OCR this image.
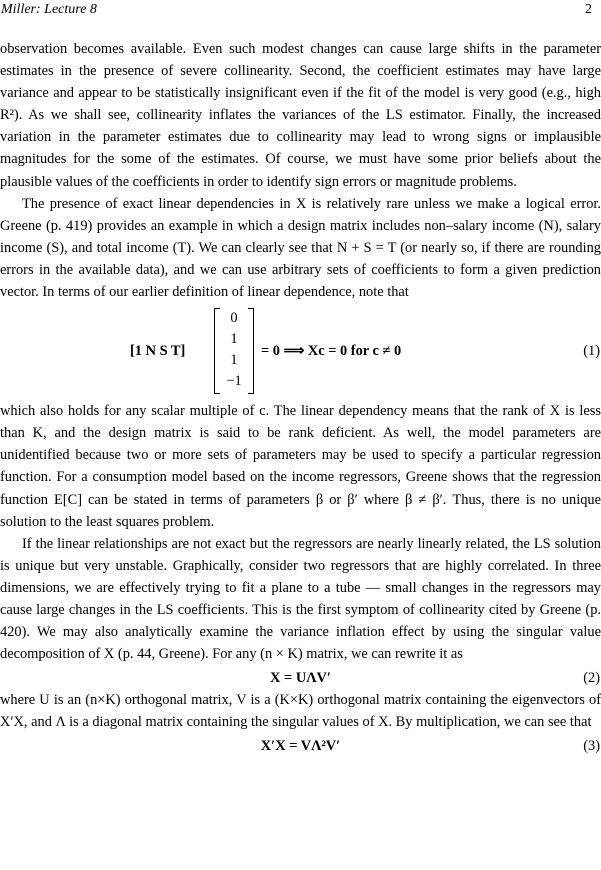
Miller: Lecture 8	2

observation becomes available. Even such modest changes can cause large shifts in the parameter estimates in the presence of severe collinearity. Second, the coefficient estimates may have large variance and appear to be statistically insignificant even if the fit of the model is very good (e.g., high R²). As we shall see, collinearity inflates the variances of the LS estimator. Finally, the increased variation in the parameter estimates due to collinearity may lead to wrong signs or implausible magnitudes for the some of the estimates. Of course, we must have some prior beliefs about the plausible values of the coefficients in order to identify sign errors or magnitude problems.

The presence of exact linear dependencies in X is relatively rare unless we make a logical error. Greene (p. 419) provides an example in which a design matrix includes non–salary income (N), salary income (S), and total income (T). We can clearly see that N + S = T (or nearly so, if there are rounding errors in the available data), and we can use arbitrary sets of coefficients to form a given prediction vector. In terms of our earlier definition of linear dependence, note that

[1 N S T]
0
1
1
−1
= 0 ⟹ Xc = 0 for c ≠ 0	(1)

which also holds for any scalar multiple of c. The linear dependency means that the rank of X is less than K, and the design matrix is said to be rank deficient. As well, the model parameters are unidentified because two or more sets of parameters may be used to specify a particular regression function. For a consumption model based on the income regressors, Greene shows that the regression function E[C] can be stated in terms of parameters β or β′ where β ≠ β′. Thus, there is no unique solution to the least squares problem.

If the linear relationships are not exact but the regressors are nearly linearly related, the LS solution is unique but very unstable. Graphically, consider two regressors that are highly correlated. In three dimensions, we are effectively trying to fit a plane to a tube — small changes in the regressors may cause large changes in the LS coefficients. This is the first symptom of collinearity cited by Greene (p. 420). We may also analytically examine the variance inflation effect by using the singular value decomposition of X (p. 44, Greene). For any (n × K) matrix, we can rewrite it as

X = UΛV′	(2)

where U is an (n×K) orthogonal matrix, V is a (K×K) orthogonal matrix containing the eigenvectors of X′X, and Λ is a diagonal matrix containing the singular values of X. By multiplication, we can see that

X′X = VΛ²V′	(3)
